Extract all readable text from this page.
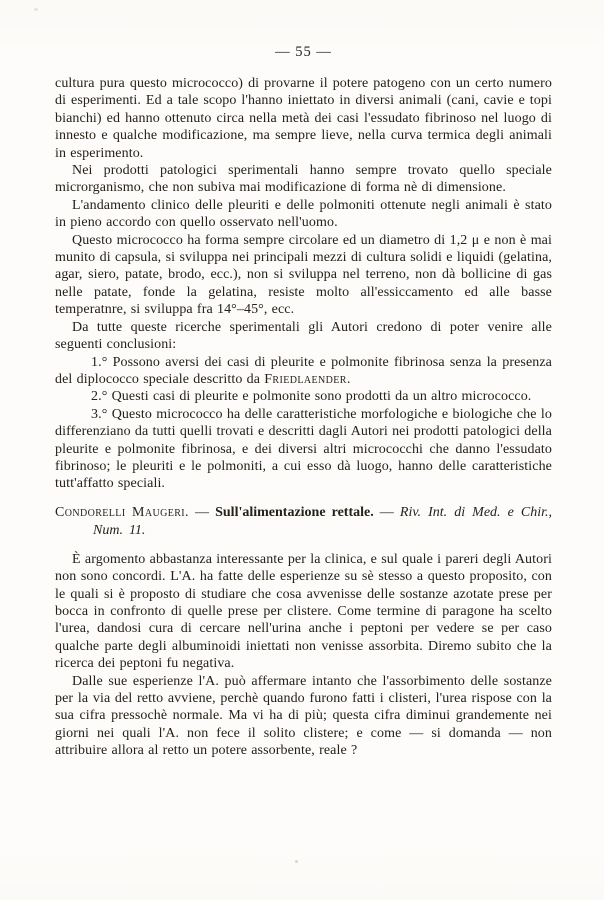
— 55 —

cultura pura questo micrococco) di provarne il potere patogeno con un certo numero di esperimenti. Ed a tale scopo l'hanno iniettato in diversi animali (cani, cavie e topi bianchi) ed hanno ottenuto circa nella metà dei casi l'essudato fibrinoso nel luogo di innesto e qualche modificazione, ma sempre lieve, nella curva termica degli animali in esperimento.

Nei prodotti patologici sperimentali hanno sempre trovato quello speciale microrganismo, che non subiva mai modificazione di forma nè di dimensione.

L'andamento clinico delle pleuriti e delle polmoniti ottenute negli animali è stato in pieno accordo con quello osservato nell'uomo.

Questo micrococco ha forma sempre circolare ed un diametro di 1,2 μ e non è mai munito di capsula, si sviluppa nei principali mezzi di cultura solidi e liquidi (gelatina, agar, siero, patate, brodo, ecc.), non si sviluppa nel terreno, non dà bollicine di gas nelle patate, fonde la gelatina, resiste molto all'essiccamento ed alle basse temperatnre, si sviluppa fra 14°–45°, ecc.

Da tutte queste ricerche sperimentali gli Autori credono di poter venire alle seguenti conclusioni:

1.° Possono aversi dei casi di pleurite e polmonite fibrinosa senza la presenza del diplococco speciale descritto da Friedlaender.

2.° Questi casi di pleurite e polmonite sono prodotti da un altro micrococco.

3.° Questo micrococco ha delle caratteristiche morfologiche e biologiche che lo differenziano da tutti quelli trovati e descritti dagli Autori nei prodotti patologici della pleurite e polmonite fibrinosa, e dei diversi altri micrococchi che danno l'essudato fibrinoso; le pleuriti e le polmoniti, a cui esso dà luogo, hanno delle caratteristiche tutt'affatto speciali.

Condorelli Maugeri. — Sull'alimentazione rettale. — Riv. Int. di Med. e Chir., Num. 11.

È argomento abbastanza interessante per la clinica, e sul quale i pareri degli Autori non sono concordi. L'A. ha fatte delle esperienze su sè stesso a questo proposito, con le quali si è proposto di studiare che cosa avvenisse delle sostanze azotate prese per bocca in confronto di quelle prese per clistere. Come termine di paragone ha scelto l'urea, dandosi cura di cercare nell'urina anche i peptoni per vedere se per caso qualche parte degli albuminoidi iniettati non venisse assorbita. Diremo subito che la ricerca dei peptoni fu negativa.

Dalle sue esperienze l'A. può affermare intanto che l'assorbimento delle sostanze per la via del retto avviene, perchè quando furono fatti i clisteri, l'urea rispose con la sua cifra pressochè normale. Ma vi ha di più; questa cifra diminui grandemente nei giorni nei quali l'A. non fece il solito clistere; e come — si domanda — non attribuire allora al retto un potere assorbente, reale ?
